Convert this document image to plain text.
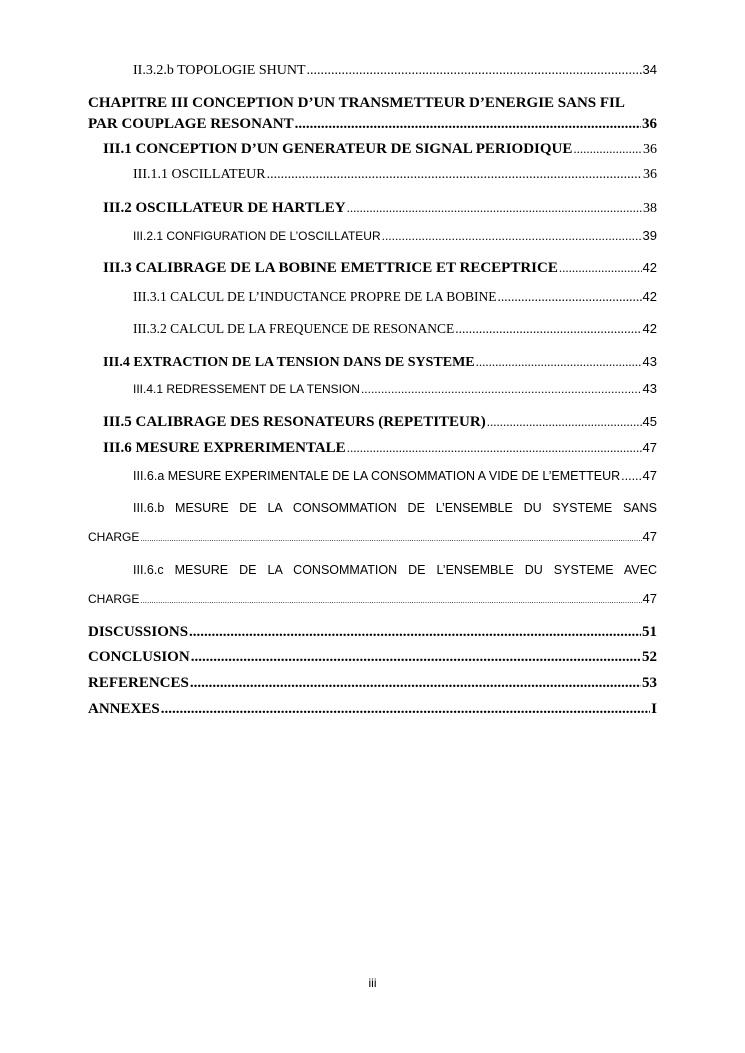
II.3.2.b TOPOLOGIE SHUNT .....	34
CHAPITRE III CONCEPTION D’UN TRANSMETTEUR D’ENERGIE SANS FIL
PAR COUPLAGE RESONANT .....	36
III.1 CONCEPTION D’UN GENERATEUR DE SIGNAL PERIODIQUE .....	36
III.1.1 OSCILLATEUR .....	36
III.2 OSCILLATEUR DE HARTLEY .....	38
III.2.1 CONFIGURATION DE L’OSCILLATEUR .....	39
III.3 CALIBRAGE DE LA BOBINE EMETTRICE ET RECEPTRICE .....	42
III.3.1 CALCUL DE L’INDUCTANCE PROPRE DE LA BOBINE .....	42
III.3.2 CALCUL DE LA FREQUENCE DE RESONANCE .....	42
III.4 EXTRACTION DE LA TENSION DANS DE SYSTEME .....	43
III.4.1 REDRESSEMENT DE LA TENSION .....	43
III.5 CALIBRAGE DES RESONATEURS (REPETITEUR) .....	45
III.6 MESURE EXPRERIMENTALE .....	47
III.6.a MESURE EXPERIMENTALE DE LA CONSOMMATION A VIDE DE L’EMETTEUR ..... 47
III.6.b MESURE DE LA CONSOMMATION DE L’ENSEMBLE DU SYSTEME SANS
CHARGE .....	47
III.6.c MESURE DE LA CONSOMMATION DE L’ENSEMBLE DU SYSTEME AVEC
CHARGE .....	47
DISCUSSIONS .....	51
CONCLUSION .....	52
REFERENCES .....	53
ANNEXES .....	I
iii
